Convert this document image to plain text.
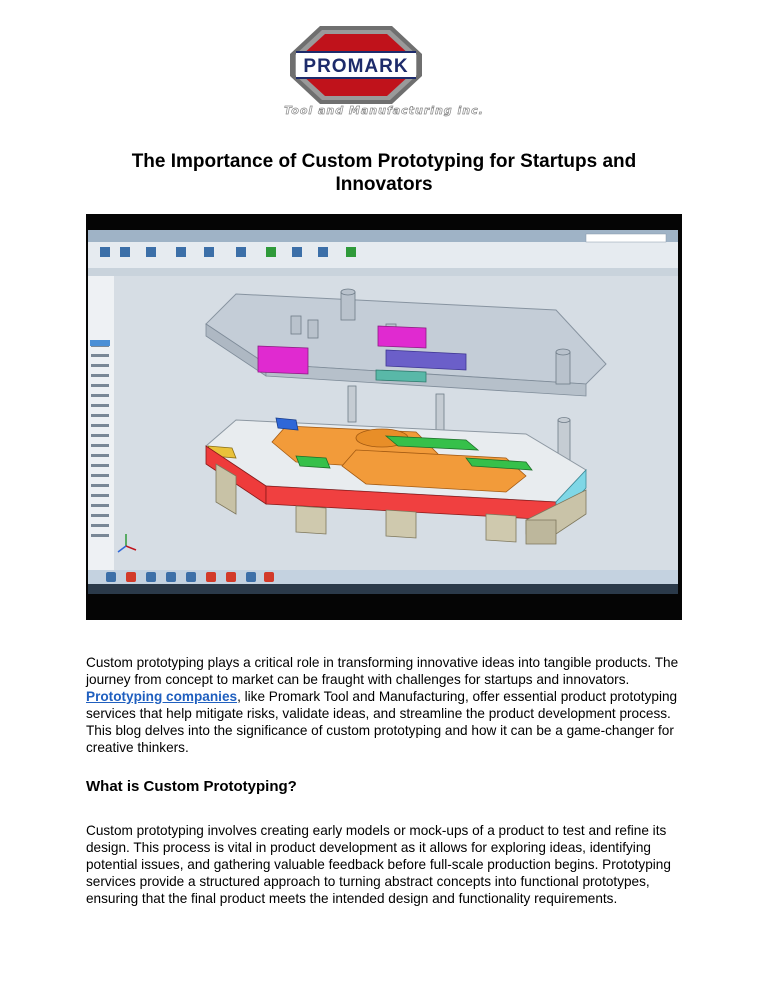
PROMARK
Tool and Manufacturing inc.
The Importance of Custom Prototyping for Startups and Innovators

Custom prototyping plays a critical role in transforming innovative ideas into tangible products. The journey from concept to market can be fraught with challenges for startups and innovators. Prototyping companies, like Promark Tool and Manufacturing, offer essential product prototyping services that help mitigate risks, validate ideas, and streamline the product development process. This blog delves into the significance of custom prototyping and how it can be a game-changer for creative thinkers.

What is Custom Prototyping?

Custom prototyping involves creating early models or mock-ups of a product to test and refine its design. This process is vital in product development as it allows for exploring ideas, identifying potential issues, and gathering valuable feedback before full-scale production begins. Prototyping services provide a structured approach to turning abstract concepts into functional prototypes, ensuring that the final product meets the intended design and functionality requirements.
